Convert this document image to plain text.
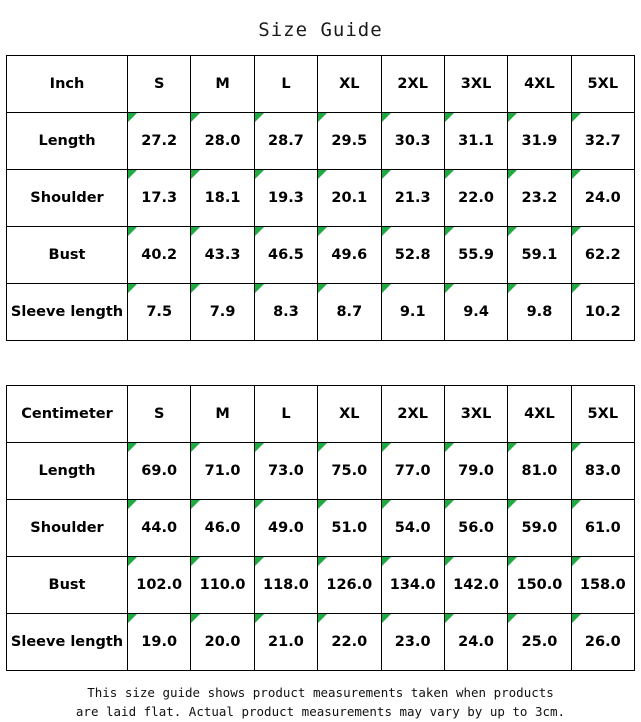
Size Guide
Inch	S	M	L	XL	2XL	3XL	4XL	5XL
Length	27.2	28.0	28.7	29.5	30.3	31.1	31.9	32.7
Shoulder	17.3	18.1	19.3	20.1	21.3	22.0	23.2	24.0
Bust	40.2	43.3	46.5	49.6	52.8	55.9	59.1	62.2
Sleeve length	7.5	7.9	8.3	8.7	9.1	9.4	9.8	10.2
Centimeter	S	M	L	XL	2XL	3XL	4XL	5XL
Length	69.0	71.0	73.0	75.0	77.0	79.0	81.0	83.0
Shoulder	44.0	46.0	49.0	51.0	54.0	56.0	59.0	61.0
Bust	102.0	110.0	118.0	126.0	134.0	142.0	150.0	158.0
Sleeve length	19.0	20.0	21.0	22.0	23.0	24.0	25.0	26.0
This size guide shows product measurements taken when products
are laid flat. Actual product measurements may vary by up to 3cm.
